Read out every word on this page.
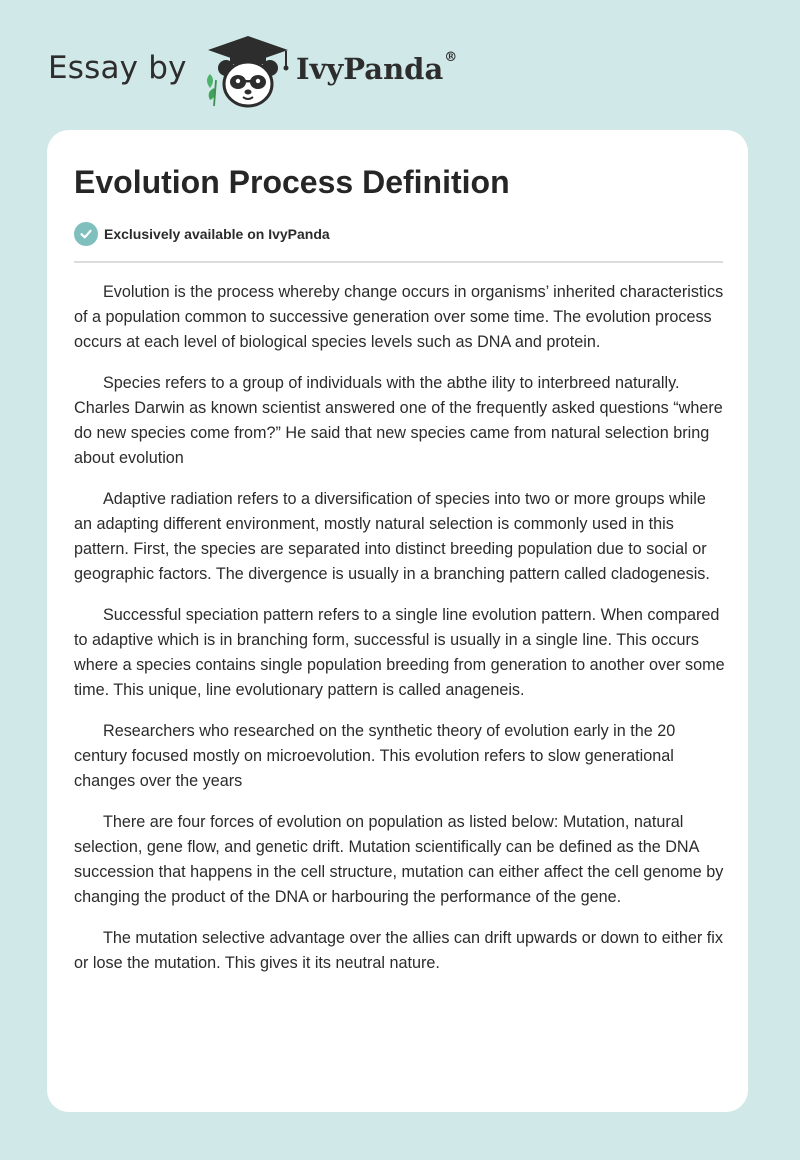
Essay by	IvyPanda®
Evolution Process Definition
Exclusively available on IvyPanda

Evolution is the process whereby change occurs in organisms’ inherited characteristics of a population common to successive generation over some time. The evolution process occurs at each level of biological species levels such as DNA and protein.

Species refers to a group of individuals with the abthe ility to interbreed naturally. Charles Darwin as known scientist answered one of the frequently asked questions “where do new species come from?” He said that new species came from natural selection bring about evolution

Adaptive radiation refers to a diversification of species into two or more groups while an adapting different environment, mostly natural selection is commonly used in this pattern. First, the species are separated into distinct breeding population due to social or geographic factors. The divergence is usually in a branching pattern called cladogenesis.

Successful speciation pattern refers to a single line evolution pattern. When compared to adaptive which is in branching form, successful is usually in a single line. This occurs where a species contains single population breeding from generation to another over some time. This unique, line evolutionary pattern is called anageneis.

Researchers who researched on the synthetic theory of evolution early in the 20 century focused mostly on microevolution. This evolution refers to slow generational changes over the years

There are four forces of evolution on population as listed below: Mutation, natural selection, gene flow, and genetic drift. Mutation scientifically can be defined as the DNA succession that happens in the cell structure, mutation can either affect the cell genome by changing the product of the DNA or harbouring the performance of the gene.

The mutation selective advantage over the allies can drift upwards or down to either fix or lose the mutation. This gives it its neutral nature.
